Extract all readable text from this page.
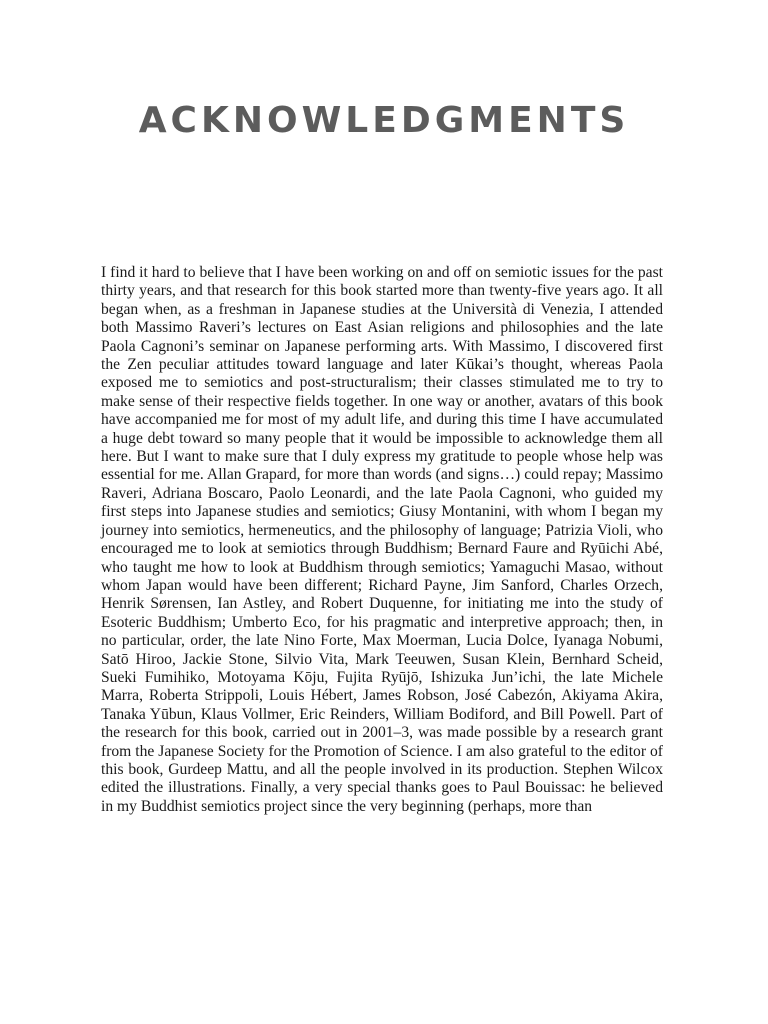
ACKNOWLEDGMENTS

I find it hard to believe that I have been working on and off on semiotic issues for the past thirty years, and that research for this book started more than twenty-five years ago. It all began when, as a freshman in Japanese studies at the Università di Venezia, I attended both Massimo Raveri’s lectures on East Asian religions and philosophies and the late Paola Cagnoni’s seminar on Japanese performing arts. With Massimo, I discovered first the Zen peculiar attitudes toward language and later Kūkai’s thought, whereas Paola exposed me to semiotics and post-structuralism; their classes stimulated me to try to make sense of their respective fields together. In one way or another, avatars of this book have accompanied me for most of my adult life, and during this time I have accumulated a huge debt toward so many people that it would be impossible to acknowledge them all here. But I want to make sure that I duly express my gratitude to people whose help was essential for me. Allan Grapard, for more than words (and signs…) could repay; Massimo Raveri, Adriana Boscaro, Paolo Leonardi, and the late Paola Cagnoni, who guided my first steps into Japanese studies and semiotics; Giusy Montanini, with whom I began my journey into semiotics, hermeneutics, and the philosophy of language; Patrizia Violi, who encouraged me to look at semiotics through Buddhism; Bernard Faure and Ryūichi Abé, who taught me how to look at Buddhism through semiotics; Yamaguchi Masao, without whom Japan would have been different; Richard Payne, Jim Sanford, Charles Orzech, Henrik Sørensen, Ian Astley, and Robert Duquenne, for initiating me into the study of Esoteric Buddhism; Umberto Eco, for his pragmatic and interpretive approach; then, in no particular, order, the late Nino Forte, Max Moerman, Lucia Dolce, Iyanaga Nobumi, Satō Hiroo, Jackie Stone, Silvio Vita, Mark Teeuwen, Susan Klein, Bernhard Scheid, Sueki Fumihiko, Motoyama Kōju, Fujita Ryūjō, Ishizuka Jun’ichi, the late Michele Marra, Roberta Strippoli, Louis Hébert, James Robson, José Cabezón, Akiyama Akira, Tanaka Yūbun, Klaus Vollmer, Eric Reinders, William Bodiford, and Bill Powell. Part of the research for this book, carried out in 2001–3, was made possible by a research grant from the Japanese Society for the Promotion of Science. I am also grateful to the editor of this book, Gurdeep Mattu, and all the people involved in its production. Stephen Wilcox edited the illustrations. Finally, a very special thanks goes to Paul Bouissac: he believed in my Buddhist semiotics project since the very beginning (perhaps, more than
